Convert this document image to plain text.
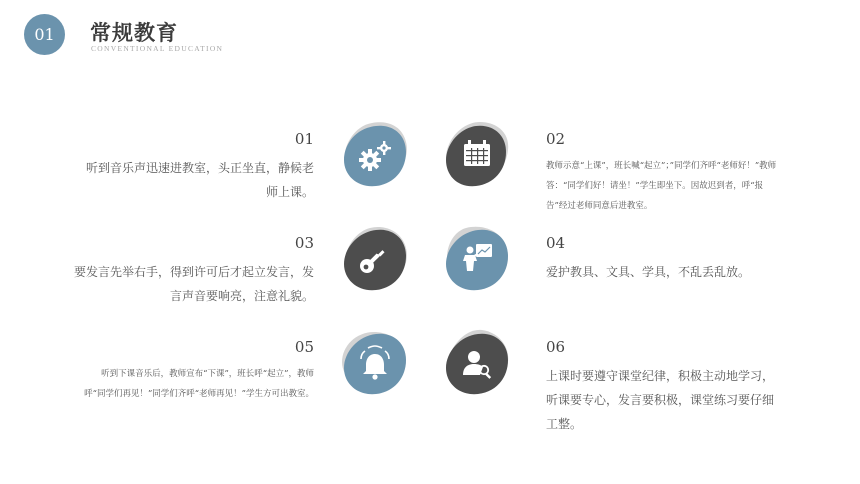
01	常规教育
CONVENTIONAL EDUCATION
01
听到音乐声迅速进教室，头正坐直，静候老师上课。
02
教师示意“上课”，班长喊“起立”；”同学们齐呼“老师好！”教师答：“同学们好！请坐！”学生即坐下。因故迟到者，呼“报告”经过老师同意后进教室。
03
要发言先举右手，得到许可后才起立发言，发言声音要响亮，注意礼貌。
04
爱护教具、文具、学具，不乱丢乱放。
05
听到下课音乐后，教师宣布“下课”，班长呼“起立”，教师呼“同学们再见！”同学们齐呼“老师再见！”学生方可出教室。
06
上课时要遵守课堂纪律，积极主动地学习，听课要专心，发言要积极，课堂练习要仔细工整。
